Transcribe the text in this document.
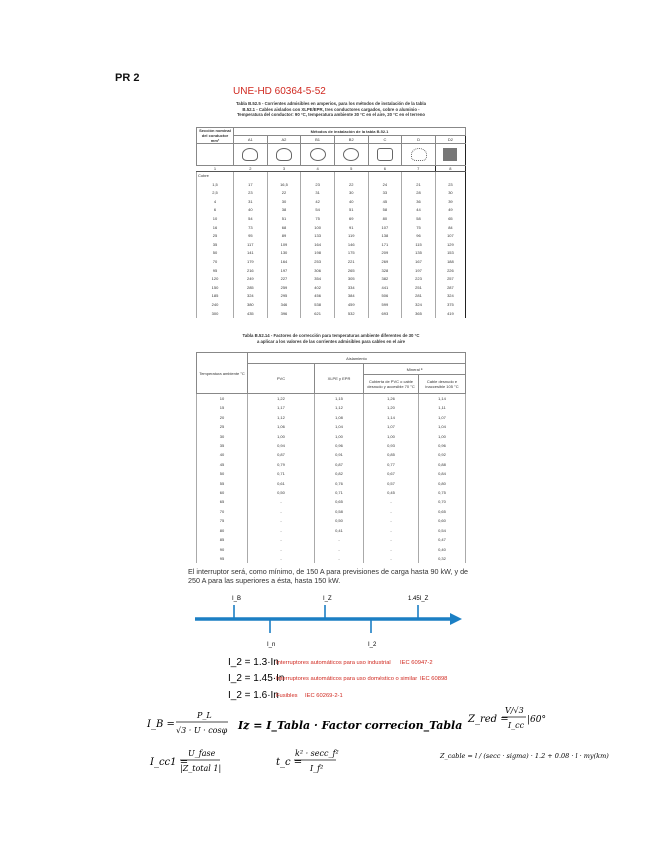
PR 2
UNE-HD 60364-5-52
Tabla B.52.5 - Corrientes admisibles en amperios, para los métodos de instalación de la tabla
B.52.1 - Cables aislados con XLPE/EPR, tres conductores cargados, cobre o aluminio -
Temperatura del conductor: 90 °C, temperatura ambiente 30 °C en el aire, 20 °C en el terreno
Sección nominal del conductor mm²	Métodos de instalación de la tabla B.52.1						
	A1	A2	B1	B2	C	D	D2

1	2	3	4	5	6	7	8
Cobre							
1,5	17	16,5	23	22	24	21	23
2,5	23	22	31	30	33	28	30
4	31	30	42	40	45	36	39
6	40	38	54	51	58	44	49
10	54	51	75	69	80	58	65
16	73	68	100	91	107	75	84
25	95	89	133	119	138	96	107
35	117	109	164	146	171	115	129
50	141	130	198	175	209	135	153
70	179	164	253	221	269	167	188
95	216	197	306	265	328	197	226
120	249	227	354	305	382	223	257
150	285	259	402	334	441	251	287
185	324	295	456	384	506	281	324
240	380	346	538	459	599	324	375
300	435	396	621	532	693	365	419
Tabla B.52.14 - Factores de corrección para temperaturas ambiente diferentes de 30 °C
a aplicar a los valores de las corrientes admisibles para cables en el aire
Temperatura ambiente °C	Aislamiento			
	PVC	XLPE y EPR	Mineral ª	
			Cubierta de PVC o cable desnudo y accesible 70 °C	Cable desnudo e inaccesible 105 °C
10	1,22	1,15	1,26	1,14
15	1,17	1,12	1,20	1,11
20	1,12	1,08	1,14	1,07
25	1,06	1,04	1,07	1,04
30	1,00	1,00	1,00	1,00
35	0,94	0,96	0,93	0,96
40	0,87	0,91	0,85	0,92
45	0,79	0,87	0,77	0,88
50	0,71	0,82	0,67	0,84
55	0,61	0,76	0,57	0,80
60	0,50	0,71	0,45	0,75
65	-	0,65	-	0,70
70	-	0,58	-	0,65
75	-	0,50	-	0,60
80	-	0,41	-	0,54
85	-	-	-	0,47
90	-	-	-	0,40
95	-	-	-	0,32
El interruptor será, como mínimo, de 150 A para previsiones de carga hasta 90 kW, y de 250 A para las superiores a ésta, hasta 150 kW.
I_B	I_Z	1.45I_Z
I_n	I_2
I_2 = 1.3·In
Interruptores automáticos para uso industrial IEC 60947-2
I_2 = 1.45·In
Interruptores automáticos para uso doméstico o similar IEC 60898
I_2 = 1.6·In
Fusibles IEC 60269-2-1
I_B =
P_L
√3 · U · cosφ Iz = I_Tabla · Factor correcion_Tabla Z_red =
V/√3
I_cc
|60°
I_cc1 =
U_fase
|Z_total 1|
t_c =
k² · secc_f²
I_f²
Z_cable = l / (secc · sigma) · 1.2 + 0.08 · l · my(km)
